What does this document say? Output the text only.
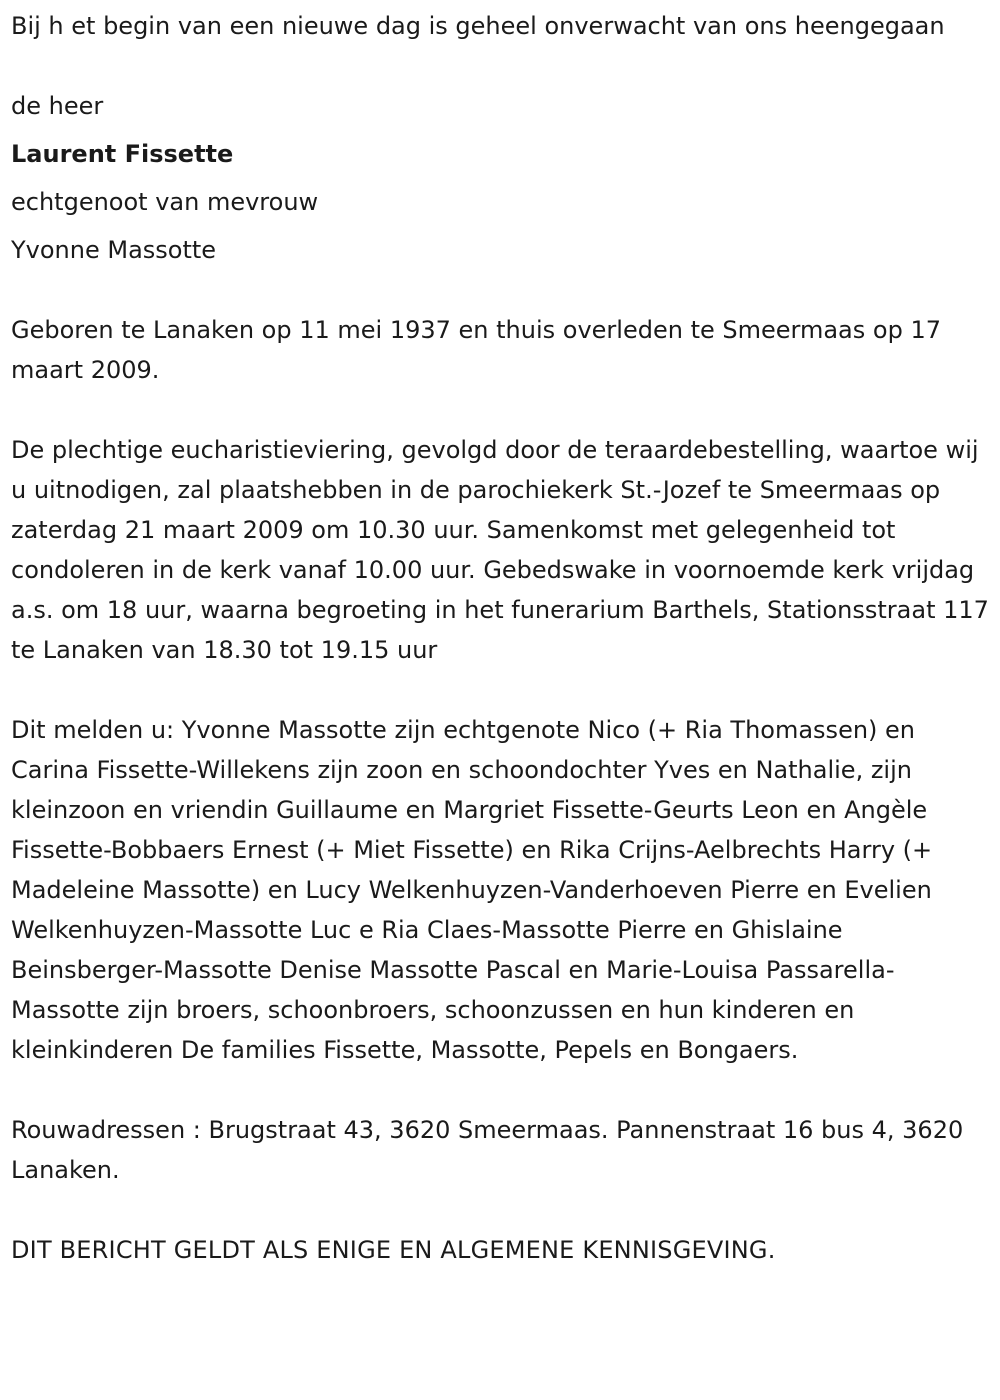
Bij h et begin van een nieuwe dag is geheel onverwacht van ons heengegaan

de heer

Laurent Fissette

echtgenoot van mevrouw

Yvonne Massotte

Geboren te Lanaken op 11 mei 1937 en thuis overleden te Smeermaas op 17 maart 2009.

De plechtige eucharistieviering, gevolgd door de teraardebestelling, waartoe wij u uitnodigen, zal plaatshebben in de parochiekerk St.-Jozef te Smeermaas op zaterdag 21 maart 2009 om 10.30 uur. Samenkomst met gelegenheid tot condoleren in de kerk vanaf 10.00 uur. Gebedswake in voornoemde kerk vrijdag a.s. om 18 uur, waarna begroeting in het funerarium Barthels, Stationsstraat 117 te Lanaken van 18.30 tot 19.15 uur

Dit melden u: Yvonne Massotte zijn echtgenote Nico (+ Ria Thomassen) en Carina Fissette-Willekens zijn zoon en schoondochter Yves en Nathalie, zijn kleinzoon en vriendin Guillaume en Margriet Fissette-Geurts Leon en Angèle Fissette-Bobbaers Ernest (+ Miet Fissette) en Rika Crijns-Aelbrechts Harry (+ Madeleine Massotte) en Lucy Welkenhuyzen-Vanderhoeven Pierre en Evelien Welkenhuyzen-Massotte Luc e Ria Claes-Massotte Pierre en Ghislaine Beinsberger-Massotte Denise Massotte Pascal en Marie-Louisa Passarella-Massotte zijn broers, schoonbroers, schoonzussen en hun kinderen en kleinkinderen De families Fissette, Massotte, Pepels en Bongaers.

Rouwadressen : Brugstraat 43, 3620 Smeermaas. Pannenstraat 16 bus 4, 3620 Lanaken.

DIT BERICHT GELDT ALS ENIGE EN ALGEMENE KENNISGEVING.
